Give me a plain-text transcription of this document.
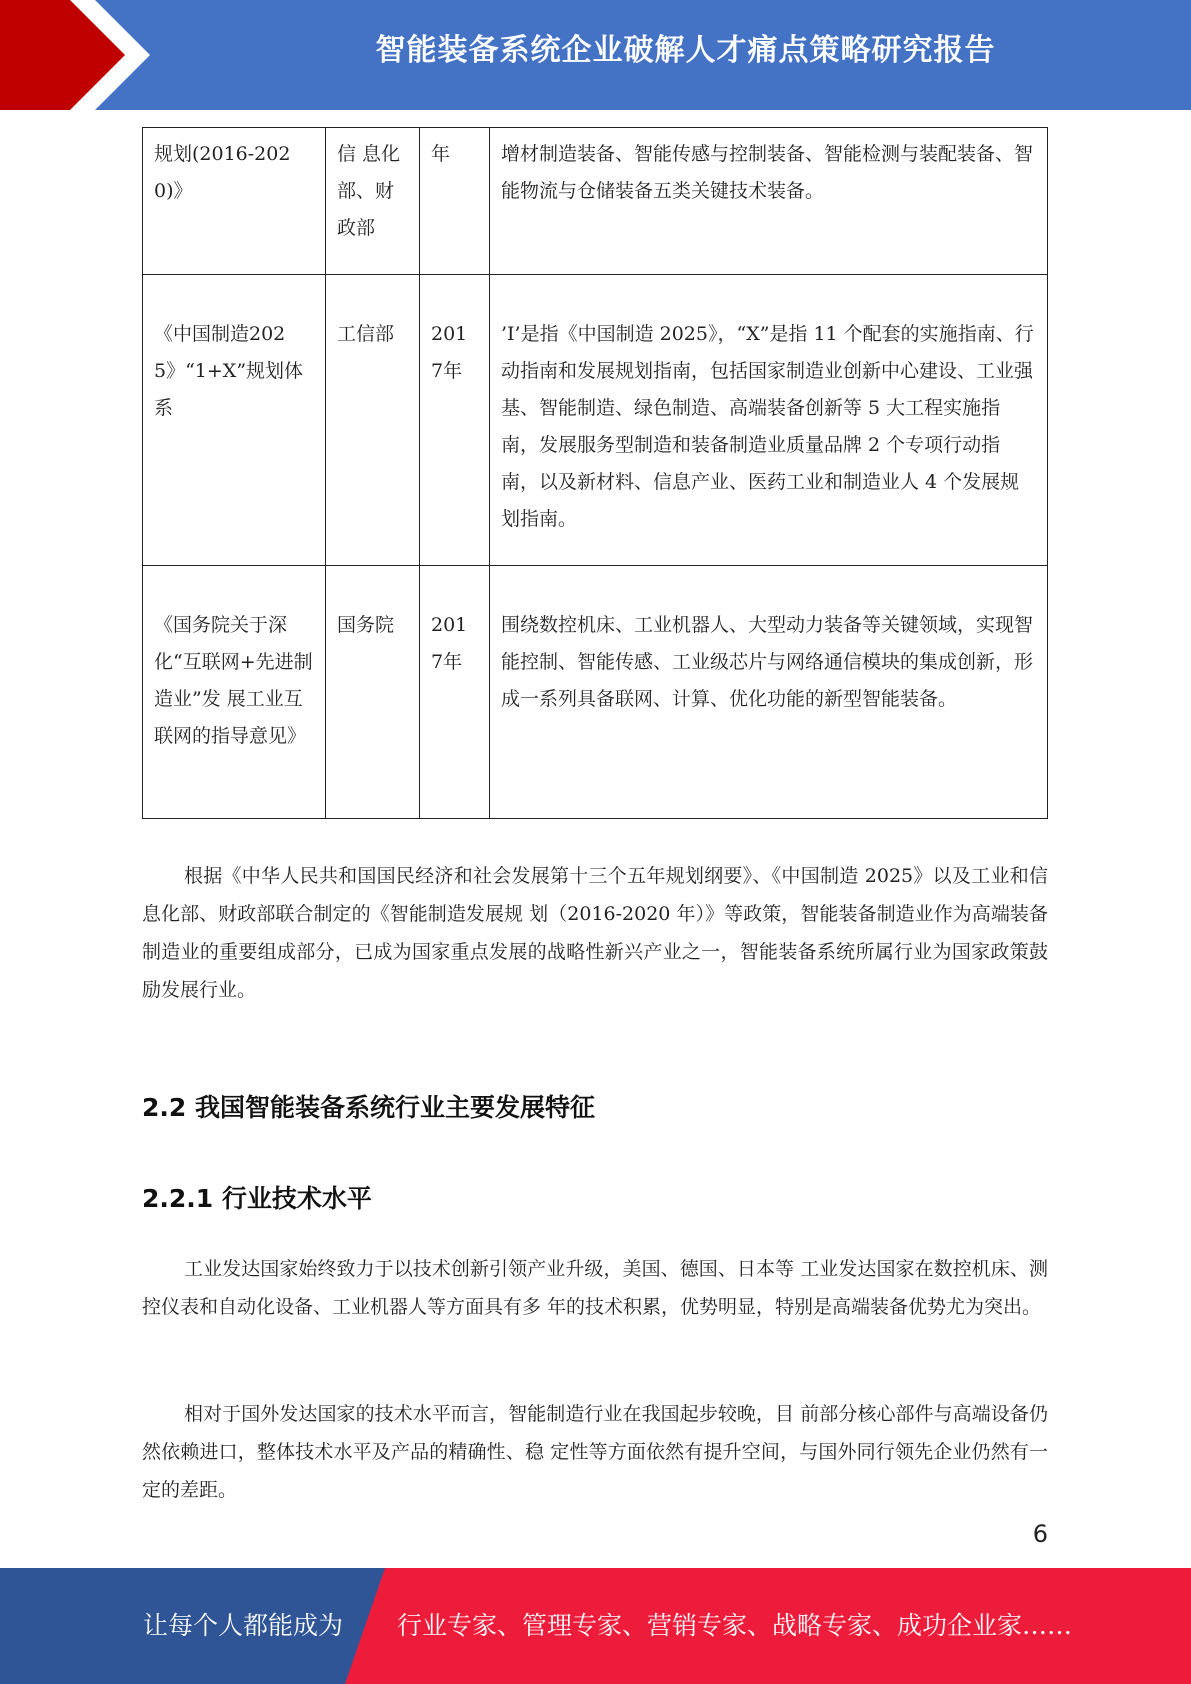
智能装备系统企业破解人才痛点策略研究报告
规划(2016-2020)》	信 息化部、财政部	年	增材制造装备、智能传感与控制装备、智能检测与装配装备、智能物流与仓储装备五类关键技术装备。
《中国制造2025》“1+X”规划体系	工信部	2017年	’I’是指《中国制造 2025》，“X”是指 11 个配套的实施指南、行动指南和发展规划指南，包括国家制造业创新中心建设、工业强基、智能制造、绿色制造、高端装备创新等 5 大工程实施指南，发展服务型制造和装备制造业质量品牌 2 个专项行动指南，以及新材料、信息产业、医药工业和制造业人 4 个发展规划指南。
《国务院关于深化“互联网+先进制造业”发 展工业互联网的指导意见》	国务院	2017年	围绕数控机床、工业机器人、大型动力装备等关键领域，实现智能控制、智能传感、工业级芯片与网络通信模块的集成创新，形成一系列具备联网、计算、优化功能的新型智能装备。

根据《中华人民共和国国民经济和社会发展第十三个五年规划纲要》、《中国制造 2025》以及工业和信息化部、财政部联合制定的《智能制造发展规 划（2016-2020 年）》等政策，智能装备制造业作为高端装备制造业的重要组成部分，已成为国家重点发展的战略性新兴产业之一，智能装备系统所属行业为国家政策鼓励发展行业。

2.2 我国智能装备系统行业主要发展特征
2.2.1 行业技术水平

工业发达国家始终致力于以技术创新引领产业升级，美国、德国、日本等 工业发达国家在数控机床、测控仪表和自动化设备、工业机器人等方面具有多 年的技术积累，优势明显，特别是高端装备优势尤为突出。

相对于国外发达国家的技术水平而言，智能制造行业在我国起步较晚，目 前部分核心部件与高端设备仍然依赖进口，整体技术水平及产品的精确性、稳 定性等方面依然有提升空间，与国外同行领先企业仍然有一定的差距。

6
让每个人都能成为 行业专家、管理专家、营销专家、战略专家、成功企业家……
